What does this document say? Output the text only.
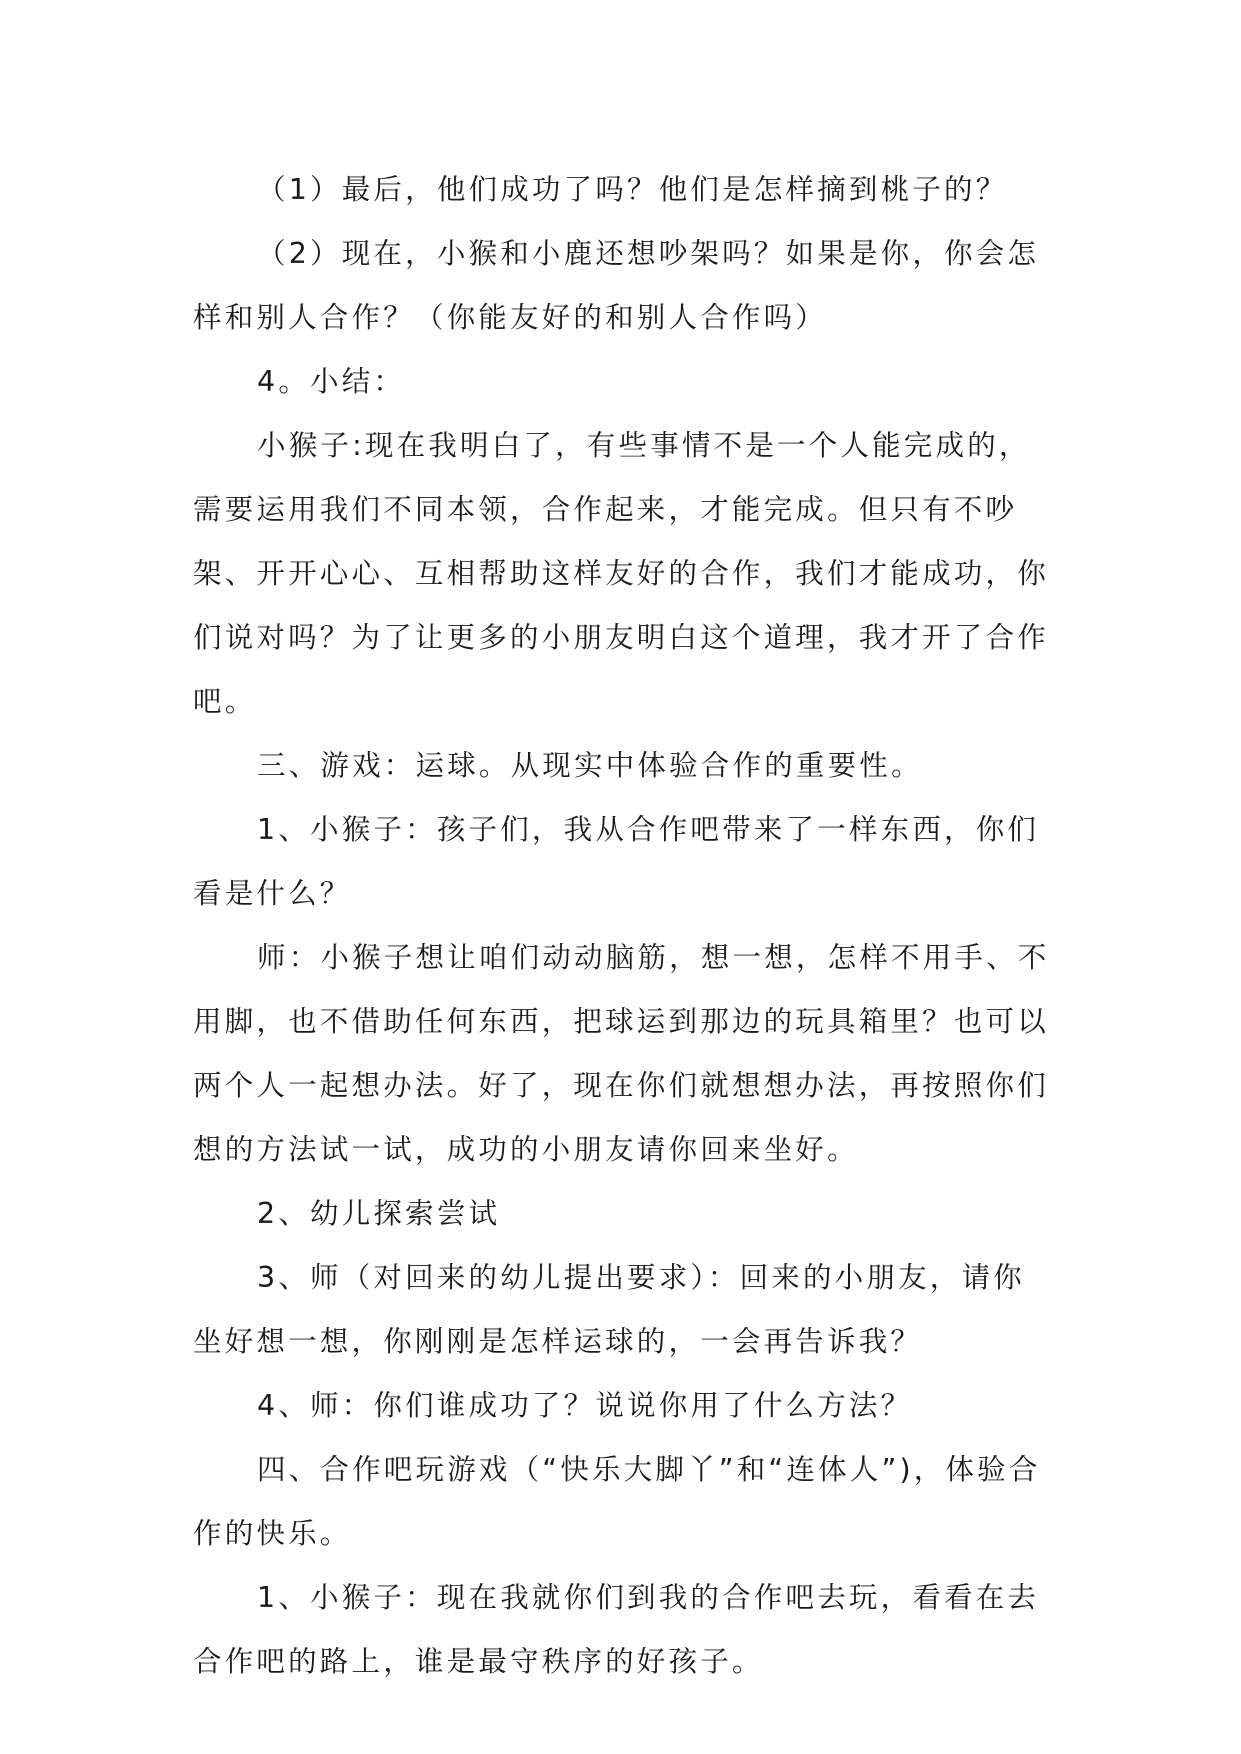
（1）最后，他们成功了吗？他们是怎样摘到桃子的？

（2）现在，小猴和小鹿还想吵架吗？如果是你，你会怎样和别人合作？（你能友好的和别人合作吗）

4。小结：

小猴子:现在我明白了，有些事情不是一个人能完成的，需要运用我们不同本领，合作起来，才能完成。但只有不吵架、开开心心、互相帮助这样友好的合作，我们才能成功，你们说对吗？为了让更多的小朋友明白这个道理，我才开了合作吧。

三、游戏：运球。从现实中体验合作的重要性。

1、小猴子：孩子们，我从合作吧带来了一样东西，你们看是什么？

师：小猴子想让咱们动动脑筋，想一想，怎样不用手、不用脚，也不借助任何东西，把球运到那边的玩具箱里？也可以两个人一起想办法。好了，现在你们就想想办法，再按照你们想的方法试一试，成功的小朋友请你回来坐好。

2、幼儿探索尝试

3、师（对回来的幼儿提出要求）：回来的小朋友，请你坐好想一想，你刚刚是怎样运球的，一会再告诉我？

4、师：你们谁成功了？说说你用了什么方法？

四、合作吧玩游戏（“快乐大脚丫”和“连体人”)，体验合作的快乐。

1、小猴子：现在我就你们到我的合作吧去玩，看看在去合作吧的路上，谁是最守秩序的好孩子。
